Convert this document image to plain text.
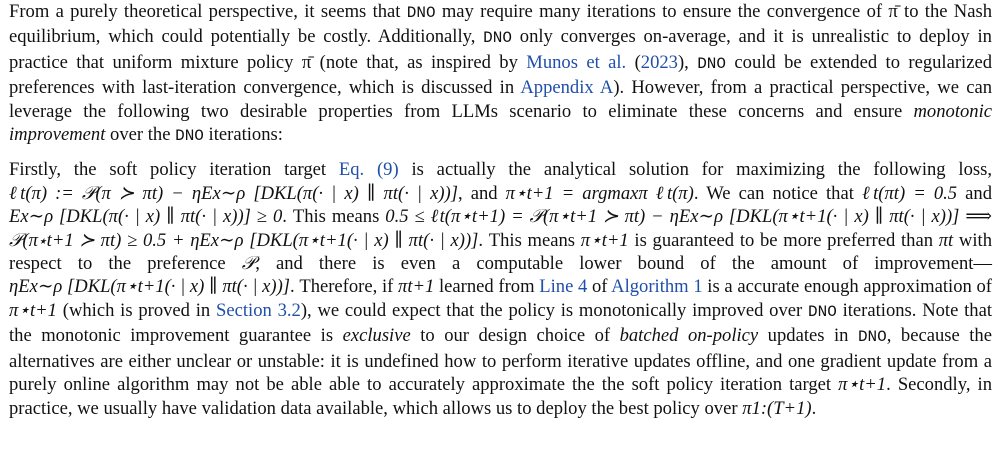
From a purely theoretical perspective, it seems that DNO may require many iterations to ensure the convergence of π̄ to the Nash equilibrium, which could potentially be costly. Additionally, DNO only converges on-average, and it is unrealistic to deploy in practice that uniform mixture policy π̄ (note that, as inspired by Munos et al. (2023), DNO could be extended to regularized preferences with last-iteration convergence, which is discussed in Appendix A). However, from a practical perspective, we can leverage the following two desirable properties from LLMs scenario to eliminate these concerns and ensure monotonic improvement over the DNO iterations:

Firstly, the soft policy iteration target Eq. (9) is actually the analytical solution for maximizing the following loss, ℓt(π) := 𝒫(π ≻ πt) − ηEx∼ρ [DKL(π(· | x) ∥ πt(· | x))], and π⋆t+1 = argmaxπ ℓt(π). We can notice that ℓt(πt) = 0.5 and Ex∼ρ [DKL(π(· | x) ∥ πt(· | x))] ≥ 0. This means 0.5 ≤ ℓt(π⋆t+1) = 𝒫(π⋆t+1 ≻ πt) − ηEx∼ρ [DKL(π⋆t+1(· | x) ∥ πt(· | x))] ⟹ 𝒫(π⋆t+1 ≻ πt) ≥ 0.5 + ηEx∼ρ [DKL(π⋆t+1(· | x) ∥ πt(· | x))]. This means π⋆t+1 is guaranteed to be more preferred than πt with respect to the preference 𝒫, and there is even a computable lower bound of the amount of improvement—ηEx∼ρ [DKL(π⋆t+1(· | x) ∥ πt(· | x))]. Therefore, if πt+1 learned from Line 4 of Algorithm 1 is a accurate enough approximation of π⋆t+1 (which is proved in Section 3.2), we could expect that the policy is monotonically improved over DNO iterations. Note that the monotonic improvement guarantee is exclusive to our design choice of batched on-policy updates in DNO, because the alternatives are either unclear or unstable: it is undefined how to perform iterative updates offline, and one gradient update from a purely online algorithm may not be able able to accurately approximate the the soft policy iteration target π⋆t+1. Secondly, in practice, we usually have validation data available, which allows us to deploy the best policy over π1:(T+1).
